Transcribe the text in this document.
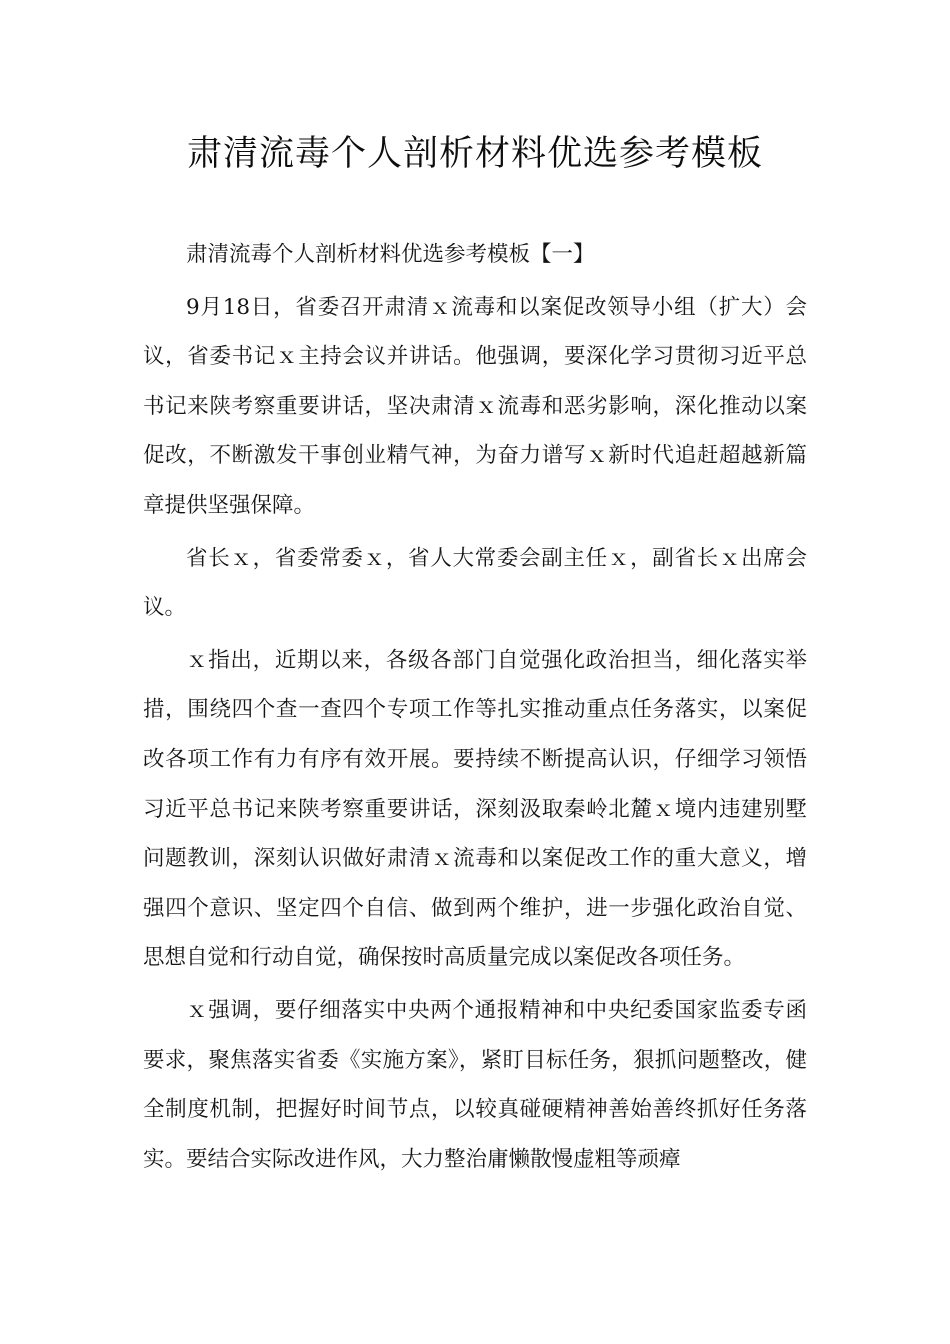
肃清流毒个人剖析材料优选参考模板

肃清流毒个人剖析材料优选参考模板【一】

9月18日，省委召开肃清ｘ流毒和以案促改领导小组（扩大）会议，省委书记ｘ主持会议并讲话。他强调，要深化学习贯彻习近平总书记来陕考察重要讲话，坚决肃清ｘ流毒和恶劣影响，深化推动以案促改，不断激发干事创业精气神，为奋力谱写ｘ新时代追赶超越新篇章提供坚强保障。

省长ｘ，省委常委ｘ，省人大常委会副主任ｘ，副省长ｘ出席会议。

ｘ指出，近期以来，各级各部门自觉强化政治担当，细化落实举措，围绕四个查一查四个专项工作等扎实推动重点任务落实，以案促改各项工作有力有序有效开展。要持续不断提高认识，仔细学习领悟习近平总书记来陕考察重要讲话，深刻汲取秦岭北麓ｘ境内违建别墅问题教训，深刻认识做好肃清ｘ流毒和以案促改工作的重大意义，增强四个意识、坚定四个自信、做到两个维护，进一步强化政治自觉、思想自觉和行动自觉，确保按时高质量完成以案促改各项任务。

ｘ强调，要仔细落实中央两个通报精神和中央纪委国家监委专函要求，聚焦落实省委《实施方案》，紧盯目标任务，狠抓问题整改，健全制度机制，把握好时间节点，以较真碰硬精神善始善终抓好任务落实。要结合实际改进作风，大力整治庸懒散慢虚粗等顽瘴
